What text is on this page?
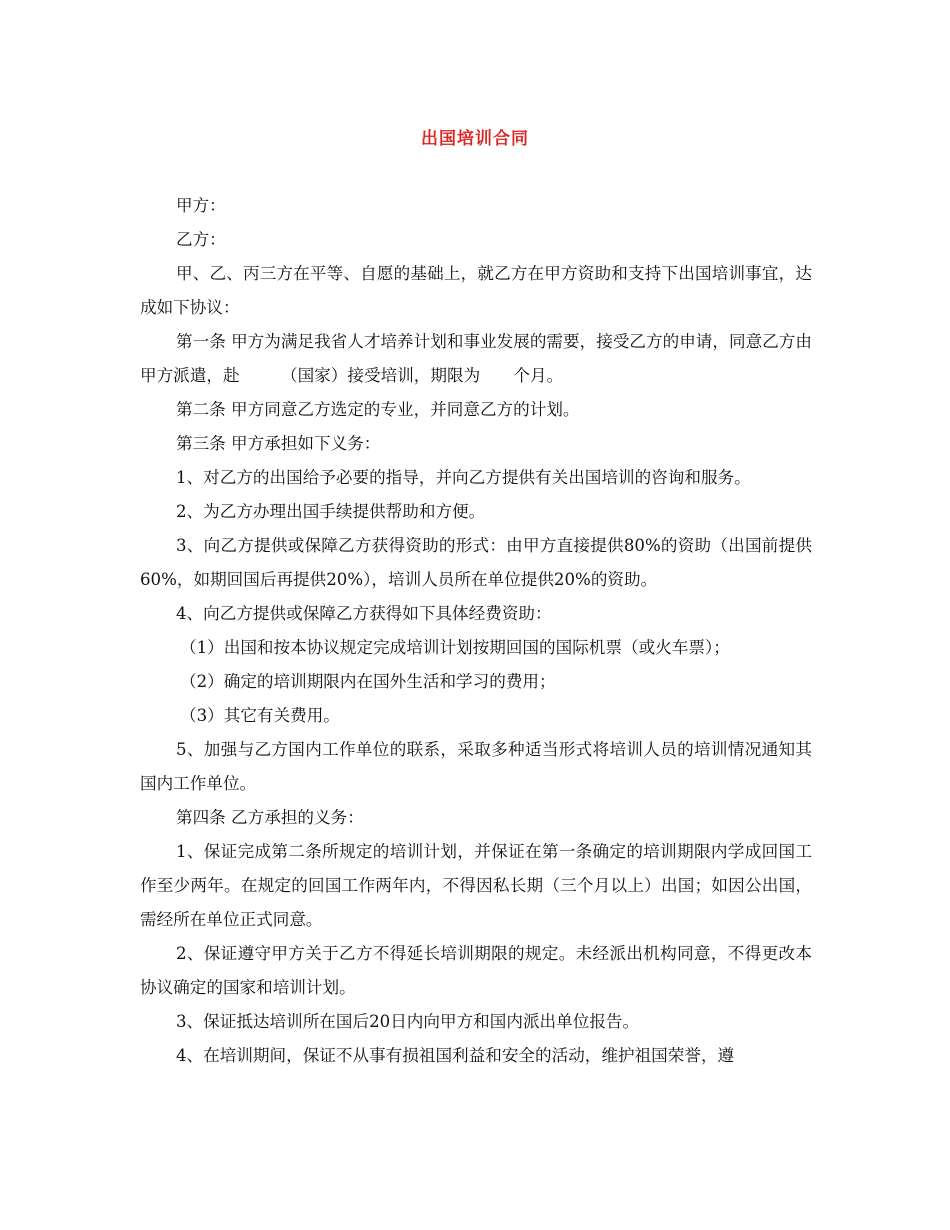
出国培训合同

甲方：

乙方：

甲、乙、丙三方在平等、自愿的基础上，就乙方在甲方资助和支持下出国培训事宜，达成如下协议：

第一条 甲方为满足我省人才培养计划和事业发展的需要，接受乙方的申请，同意乙方由甲方派遣，赴　　　（国家）接受培训，期限为　　个月。

第二条 甲方同意乙方选定的专业，并同意乙方的计划。

第三条 甲方承担如下义务：

1、对乙方的出国给予必要的指导，并向乙方提供有关出国培训的咨询和服务。

2、为乙方办理出国手续提供帮助和方便。

3、向乙方提供或保障乙方获得资助的形式：由甲方直接提供80%的资助（出国前提供60%，如期回国后再提供20%），培训人员所在单位提供20%的资助。

4、向乙方提供或保障乙方获得如下具体经费资助：

（1）出国和按本协议规定完成培训计划按期回国的国际机票（或火车票）；

（2）确定的培训期限内在国外生活和学习的费用；

（3）其它有关费用。

5、加强与乙方国内工作单位的联系，采取多种适当形式将培训人员的培训情况通知其国内工作单位。

第四条 乙方承担的义务：

1、保证完成第二条所规定的培训计划，并保证在第一条确定的培训期限内学成回国工作至少两年。在规定的回国工作两年内，不得因私长期（三个月以上）出国；如因公出国，需经所在单位正式同意。

2、保证遵守甲方关于乙方不得延长培训期限的规定。未经派出机构同意，不得更改本协议确定的国家和培训计划。

3、保证抵达培训所在国后20日内向甲方和国内派出单位报告。

4、在培训期间，保证不从事有损祖国利益和安全的活动，维护祖国荣誉，遵
